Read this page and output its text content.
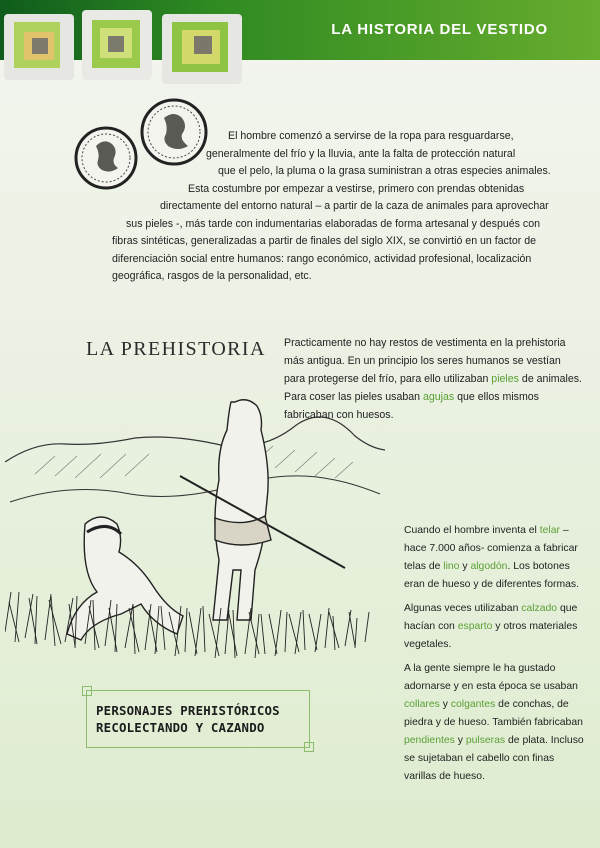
LA HISTORIA DEL VESTIDO
El hombre comenzó a servirse de la ropa para resguardarse,
generalmente del frío y la lluvia, ante la falta de protección natural
que el pelo, la pluma o la grasa suministran a otras especies animales.
Esta costumbre por empezar a vestirse, primero con prendas obtenidas
directamente del entorno natural – a partir de la caza de animales para aprovechar
sus pieles -, más tarde con indumentarias elaboradas de forma artesanal y después con
fibras sintéticas, generalizadas a partir de finales del siglo XIX, se convirtió en un factor de
diferenciación social entre humanos: rango económico, actividad profesional, localización
geográfica, rasgos de la personalidad, etc.
LA PREHISTORIA Practicamente no hay restos de vestimenta en la prehistoria más antigua. En un principio los seres humanos se vestían para protegerse del frío, para ello utilizaban pieles de animales. Para coser las pieles usaban agujas que ellos mismos fabricaban con huesos.
PERSONAJES PREHISTÓRICOS
RECOLECTANDO Y CAZANDO

Cuando el hombre inventa el telar –hace 7.000 años- comienza a fabricar telas de lino y algodón. Los botones eran de hueso y de diferentes formas.

Algunas veces utilizaban calzado que hacían con esparto y otros materiales vegetales.

A la gente siempre le ha gustado adornarse y en esta época se usaban collares y colgantes de conchas, de piedra y de hueso. También fabricaban pendientes y pulseras de plata. Incluso se sujetaban el cabello con finas varillas de hueso.
